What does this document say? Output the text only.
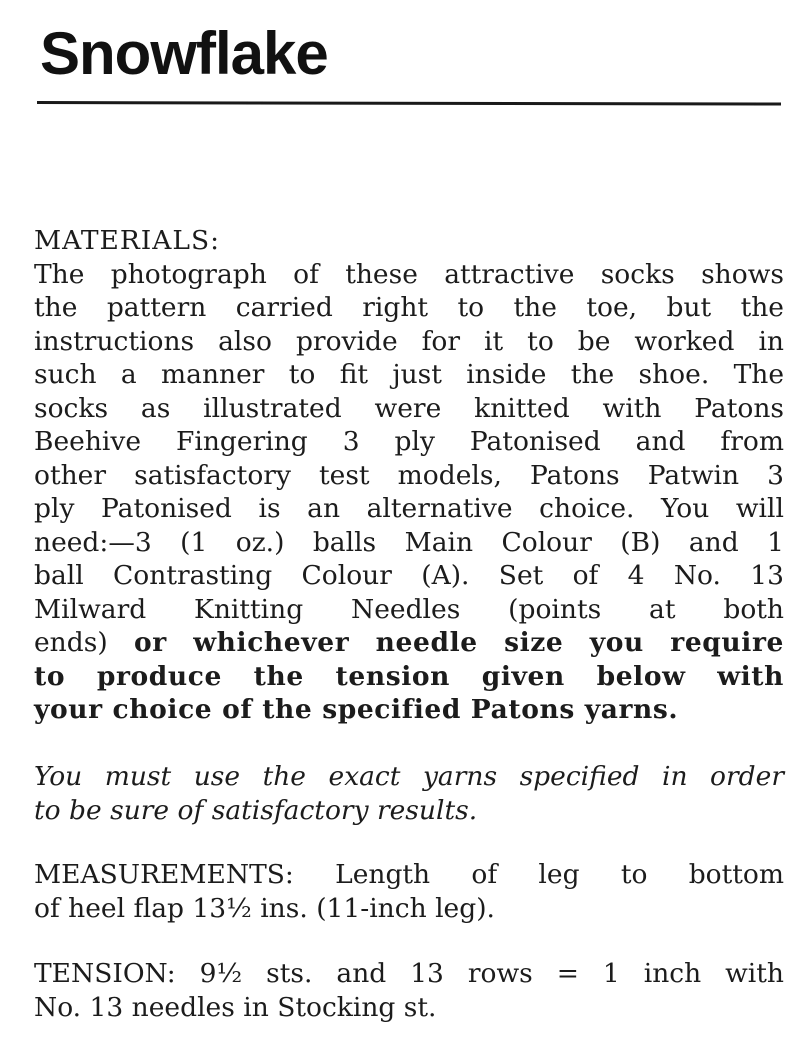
Snowflake
MATERIALS:
The photograph of these attractive socks shows
the pattern carried right to the toe, but the
instructions also provide for it to be worked in
such a manner to fit just inside the shoe. The
socks as illustrated were knitted with Patons
Beehive Fingering 3 ply Patonised and from
other satisfactory test models, Patons Patwin 3
ply Patonised is an alternative choice. You will
need:—3 (1 oz.) balls Main Colour (B) and 1
ball Contrasting Colour (A). Set of 4 No. 13
Milward Knitting Needles (points at both
ends) or whichever needle size you require
to produce the tension given below with
your choice of the specified Patons yarns.
You must use the exact yarns specified in order
to be sure of satisfactory results.
MEASUREMENTS: Length of leg to bottom
of heel flap 13½ ins. (11-inch leg).
TENSION: 9½ sts. and 13 rows = 1 inch with
No. 13 needles in Stocking st.
